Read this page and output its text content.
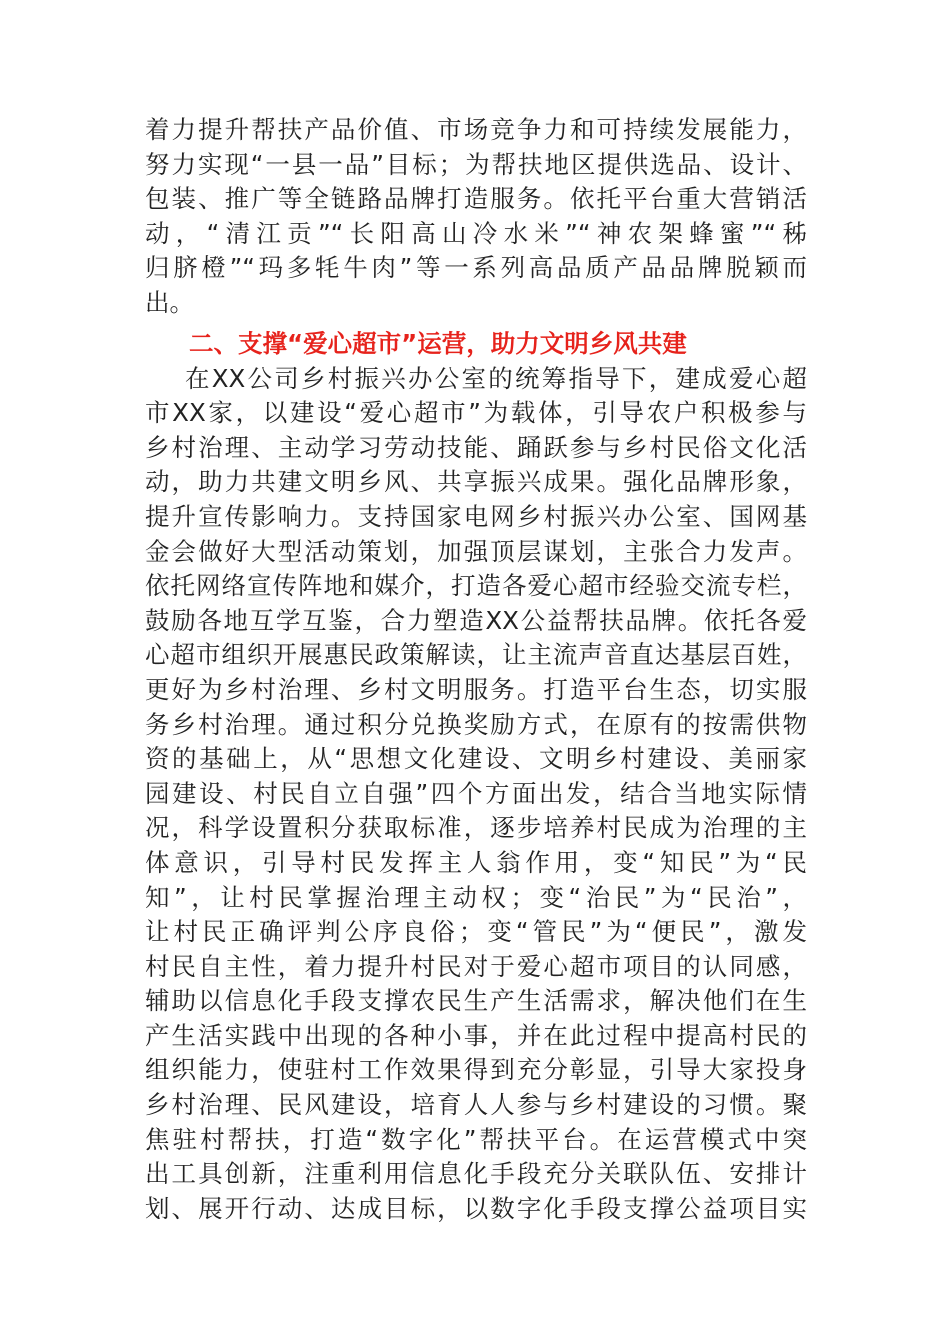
着力提升帮扶产品价值、市场竞争力和可持续发展能力，
努力实现“一县一品”目标；为帮扶地区提供选品、设计、
包装、推广等全链路品牌打造服务。依托平台重大营销活
动，“清江贡”“长阳高山冷水米”“神农架蜂蜜”“秭
归脐橙”“玛多牦牛肉”等一系列高品质产品品牌脱颖而
出。
二、支撑“爱心超市”运营，助力文明乡风共建
在XX公司乡村振兴办公室的统筹指导下，建成爱心超
市XX家，以建设“爱心超市”为载体，引导农户积极参与
乡村治理、主动学习劳动技能、踊跃参与乡村民俗文化活
动，助力共建文明乡风、共享振兴成果。强化品牌形象，
提升宣传影响力。支持国家电网乡村振兴办公室、国网基
金会做好大型活动策划，加强顶层谋划，主张合力发声。
依托网络宣传阵地和媒介，打造各爱心超市经验交流专栏，
鼓励各地互学互鉴，合力塑造XX公益帮扶品牌。依托各爱
心超市组织开展惠民政策解读，让主流声音直达基层百姓，
更好为乡村治理、乡村文明服务。打造平台生态，切实服
务乡村治理。通过积分兑换奖励方式，在原有的按需供物
资的基础上，从“思想文化建设、文明乡村建设、美丽家
园建设、村民自立自强”四个方面出发，结合当地实际情
况，科学设置积分获取标准，逐步培养村民成为治理的主
体意识，引导村民发挥主人翁作用，变“知民”为“民
知”，让村民掌握治理主动权；变“治民”为“民治”，
让村民正确评判公序良俗；变“管民”为“便民”，激发
村民自主性，着力提升村民对于爱心超市项目的认同感，
辅助以信息化手段支撑农民生产生活需求，解决他们在生
产生活实践中出现的各种小事，并在此过程中提高村民的
组织能力，使驻村工作效果得到充分彰显，引导大家投身
乡村治理、民风建设，培育人人参与乡村建设的习惯。聚
焦驻村帮扶，打造“数字化”帮扶平台。在运营模式中突
出工具创新，注重利用信息化手段充分关联队伍、安排计
划、展开行动、达成目标，以数字化手段支撑公益项目实
